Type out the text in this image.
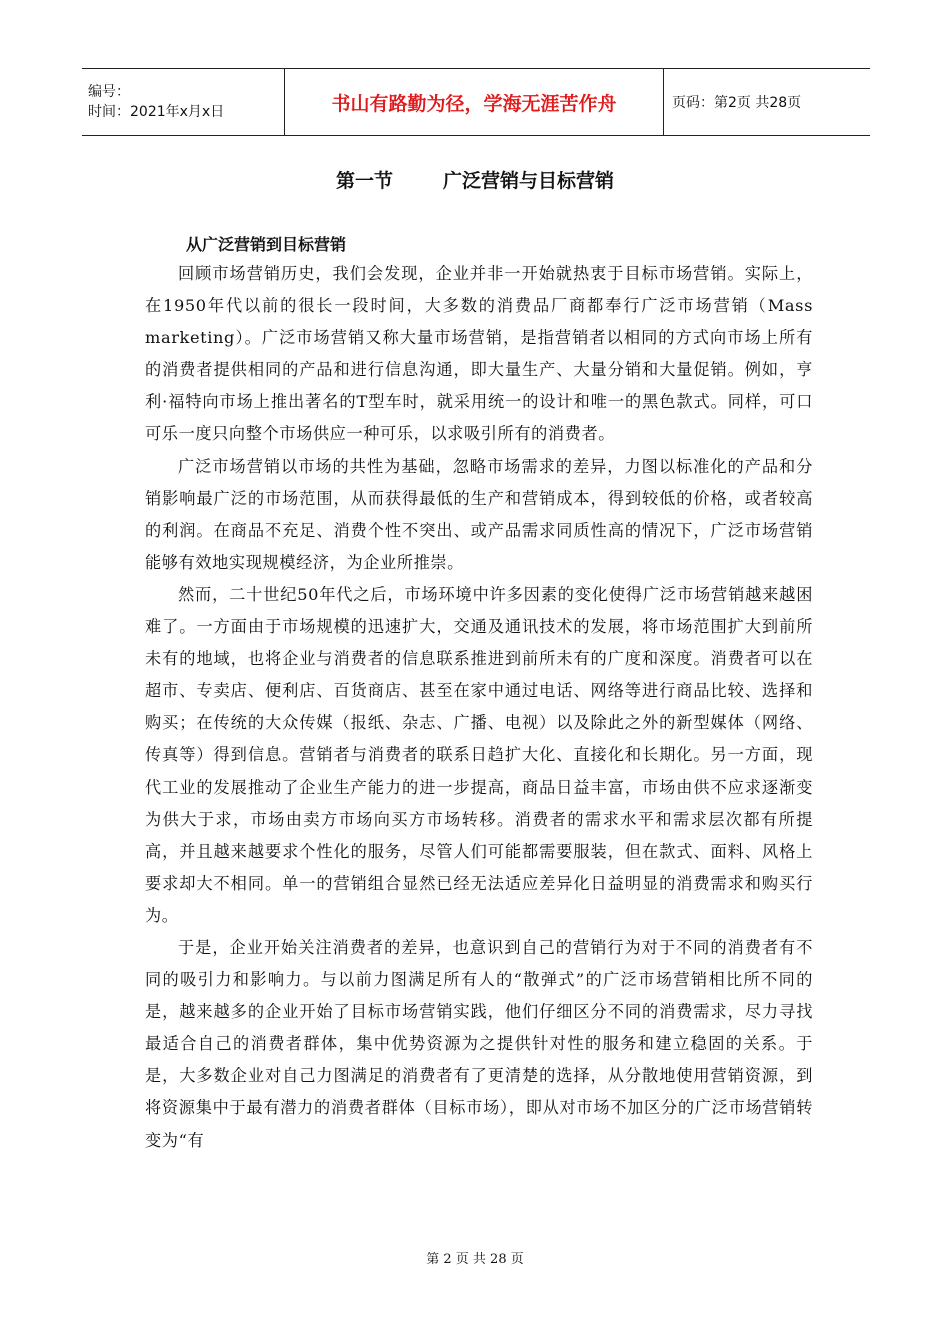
编号：
时间：2021年x月x日	书山有路勤为径，学海无涯苦作舟	页码：第2页 共28页
第一节	广泛营销与目标营销
从广泛营销到目标营销

回顾市场营销历史，我们会发现，企业并非一开始就热衷于目标市场营销。实际上，在1950年代以前的很长一段时间，大多数的消费品厂商都奉行广泛市场营销（Mass marketing）。广泛市场营销又称大量市场营销，是指营销者以相同的方式向市场上所有的消费者提供相同的产品和进行信息沟通，即大量生产、大量分销和大量促销。例如，亨利·福特向市场上推出著名的T型车时，就采用统一的设计和唯一的黑色款式。同样，可口可乐一度只向整个市场供应一种可乐，以求吸引所有的消费者。

广泛市场营销以市场的共性为基础，忽略市场需求的差异，力图以标准化的产品和分销影响最广泛的市场范围，从而获得最低的生产和营销成本，得到较低的价格，或者较高的利润。在商品不充足、消费个性不突出、或产品需求同质性高的情况下，广泛市场营销能够有效地实现规模经济，为企业所推崇。

然而，二十世纪50年代之后，市场环境中许多因素的变化使得广泛市场营销越来越困难了。一方面由于市场规模的迅速扩大，交通及通讯技术的发展，将市场范围扩大到前所未有的地域，也将企业与消费者的信息联系推进到前所未有的广度和深度。消费者可以在超市、专卖店、便利店、百货商店、甚至在家中通过电话、网络等进行商品比较、选择和购买；在传统的大众传媒（报纸、杂志、广播、电视）以及除此之外的新型媒体（网络、传真等）得到信息。营销者与消费者的联系日趋扩大化、直接化和长期化。另一方面，现代工业的发展推动了企业生产能力的进一步提高，商品日益丰富，市场由供不应求逐渐变为供大于求，市场由卖方市场向买方市场转移。消费者的需求水平和需求层次都有所提高，并且越来越要求个性化的服务，尽管人们可能都需要服装，但在款式、面料、风格上要求却大不相同。单一的营销组合显然已经无法适应差异化日益明显的消费需求和购买行为。

于是，企业开始关注消费者的差异，也意识到自己的营销行为对于不同的消费者有不同的吸引力和影响力。与以前力图满足所有人的“散弹式”的广泛市场营销相比所不同的是，越来越多的企业开始了目标市场营销实践，他们仔细区分不同的消费需求，尽力寻找最适合自己的消费者群体，集中优势资源为之提供针对性的服务和建立稳固的关系。于是，大多数企业对自己力图满足的消费者有了更清楚的选择，从分散地使用营销资源，到将资源集中于最有潜力的消费者群体（目标市场），即从对市场不加区分的广泛市场营销转变为“有

第 2 页 共 28 页
